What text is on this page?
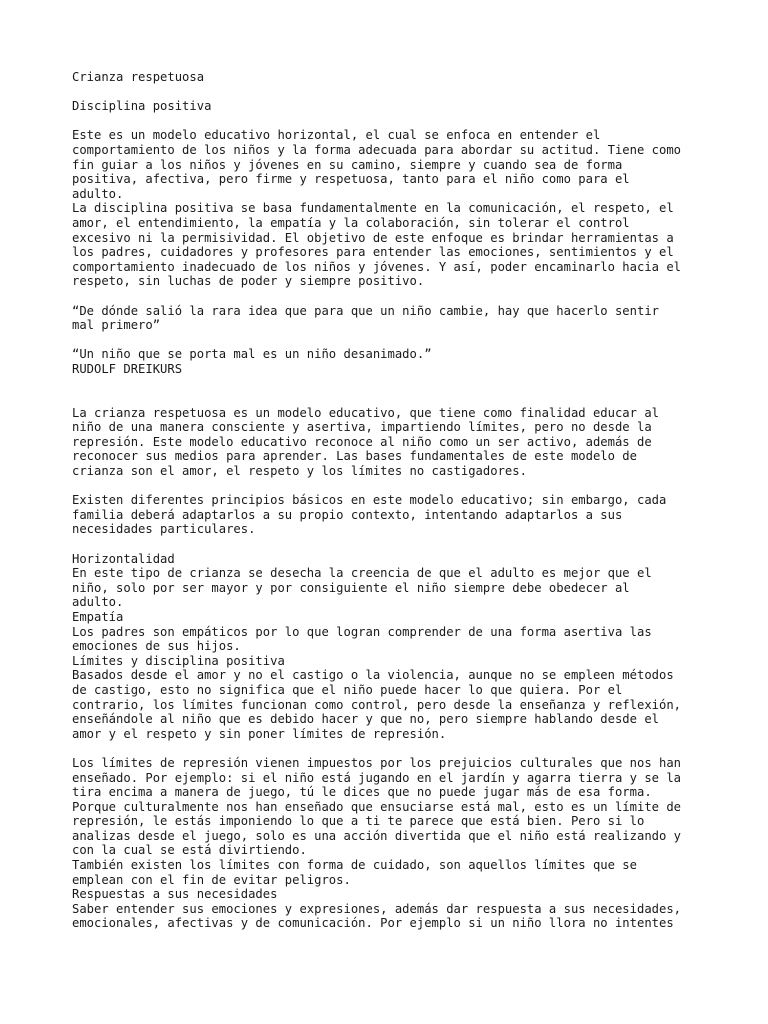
Crianza respetuosa

Disciplina positiva

Este es un modelo educativo horizontal, el cual se enfoca en entender el
comportamiento de los niños y la forma adecuada para abordar su actitud. Tiene como
fin guiar a los niños y jóvenes en su camino, siempre y cuando sea de forma
positiva, afectiva, pero firme y respetuosa, tanto para el niño como para el
adulto.
La disciplina positiva se basa fundamentalmente en la comunicación, el respeto, el
amor, el entendimiento, la empatía y la colaboración, sin tolerar el control
excesivo ni la permisividad. El objetivo de este enfoque es brindar herramientas a
los padres, cuidadores y profesores para entender las emociones, sentimientos y el
comportamiento inadecuado de los niños y jóvenes. Y así, poder encaminarlo hacia el
respeto, sin luchas de poder y siempre positivo.

“De dónde salió la rara idea que para que un niño cambie, hay que hacerlo sentir
mal primero”

“Un niño que se porta mal es un niño desanimado.”

RUDOLF DREIKURS

La crianza respetuosa es un modelo educativo, que tiene como finalidad educar al
niño de una manera consciente y asertiva, impartiendo límites, pero no desde la
represión. Este modelo educativo reconoce al niño como un ser activo, además de
reconocer sus medios para aprender. Las bases fundamentales de este modelo de
crianza son el amor, el respeto y los límites no castigadores.

Existen diferentes principios básicos en este modelo educativo; sin embargo, cada
familia deberá adaptarlos a su propio contexto, intentando adaptarlos a sus
necesidades particulares.

Horizontalidad

En este tipo de crianza se desecha la creencia de que el adulto es mejor que el
niño, solo por ser mayor y por consiguiente el niño siempre debe obedecer al
adulto.

Empatía

Los padres son empáticos por lo que logran comprender de una forma asertiva las
emociones de sus hijos.

Límites y disciplina positiva

Basados desde el amor y no el castigo o la violencia, aunque no se empleen métodos
de castigo, esto no significa que el niño puede hacer lo que quiera. Por el
contrario, los límites funcionan como control, pero desde la enseñanza y reflexión,
enseñándole al niño que es debido hacer y que no, pero siempre hablando desde el
amor y el respeto y sin poner límites de represión.

Los límites de represión vienen impuestos por los prejuicios culturales que nos han
enseñado. Por ejemplo: si el niño está jugando en el jardín y agarra tierra y se la
tira encima a manera de juego, tú le dices que no puede jugar más de esa forma.
Porque culturalmente nos han enseñado que ensuciarse está mal, esto es un límite de
represión, le estás imponiendo lo que a ti te parece que está bien. Pero si lo
analizas desde el juego, solo es una acción divertida que el niño está realizando y
con la cual se está divirtiendo.
También existen los límites con forma de cuidado, son aquellos límites que se
emplean con el fin de evitar peligros.

Respuestas a sus necesidades

Saber entender sus emociones y expresiones, además dar respuesta a sus necesidades,
emocionales, afectivas y de comunicación. Por ejemplo si un niño llora no intentes
